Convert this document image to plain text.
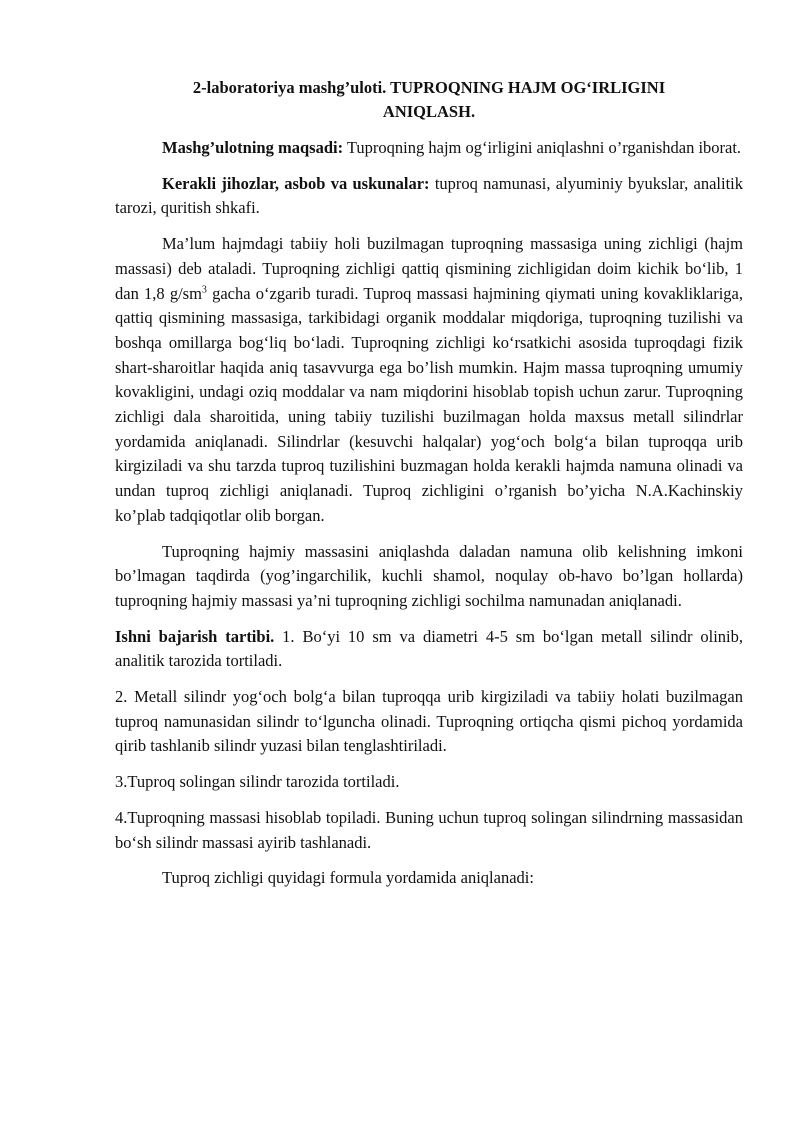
2-laboratoriya mashg’uloti. TUPROQNING HAJM OG‘IRLIGINI
ANIQLASH.

Mashg’ulotning maqsadi: Tuproqning hajm og‘irligini aniqlashni o’rganishdan iborat.

Kerakli jihozlar, asbob va uskunalar: tuproq namunasi, alyuminiy byukslar, analitik tarozi, quritish shkafi.

Ma’lum hajmdagi tabiiy holi buzilmagan tuproqning massasiga uning zichligi (hajm massasi) deb ataladi. Tuproqning zichligi qattiq qismining zichligidan doim kichik bo‘lib, 1 dan 1,8 $g/sm^3$ gacha o‘zgarib turadi. Tuproq massasi hajmining qiymati uning kovakliklariga, qattiq qismining massasiga, tarkibidagi organik moddalar miqdoriga, tuproqning tuzilishi va boshqa omillarga bog‘liq bo‘ladi. Tuproqning zichligi ko‘rsatkichi asosida tuproqdagi fizik shart-sharoitlar haqida aniq tasavvurga ega bo’lish mumkin. Hajm massa tuproqning umumiy kovakligini, undagi oziq moddalar va nam miqdorini hisoblab topish uchun zarur. Tuproqning zichligi dala sharoitida, uning tabiiy tuzilishi buzilmagan holda maxsus metall silindrlar yordamida aniqlanadi. Silindrlar (kesuvchi halqalar) yog‘och bolg‘a bilan tuproqqa urib kirgiziladi va shu tarzda tuproq tuzilishini buzmagan holda kerakli hajmda namuna olinadi va undan tuproq zichligi aniqlanadi. Tuproq zichligini o’rganish bo’yicha N.A.Kachinskiy ko’plab tadqiqotlar olib borgan.

Tuproqning hajmiy massasini aniqlashda daladan namuna olib kelishning imkoni bo’lmagan taqdirda (yog’ingarchilik, kuchli shamol, noqulay ob-havo bo’lgan hollarda) tuproqning hajmiy massasi ya’ni tuproqning zichligi sochilma namunadan aniqlanadi.

Ishni bajarish tartibi. 1. Bo‘yi 10 sm va diametri 4-5 sm bo‘lgan metall silindr olinib, analitik tarozida tortiladi.

2. Metall silindr yog‘och bolg‘a bilan tuproqqa urib kirgiziladi va tabiiy holati buzilmagan tuproq namunasidan silindr to‘lguncha olinadi. Tuproqning ortiqcha qismi pichoq yordamida qirib tashlanib silindr yuzasi bilan tenglashtiriladi.

3.Tuproq solingan silindr tarozida tortiladi.

4.Tuproqning massasi hisoblab topiladi. Buning uchun tuproq solingan silindrning massasidan bo‘sh silindr massasi ayirib tashlanadi.

Tuproq zichligi quyidagi formula yordamida aniqlanadi:
